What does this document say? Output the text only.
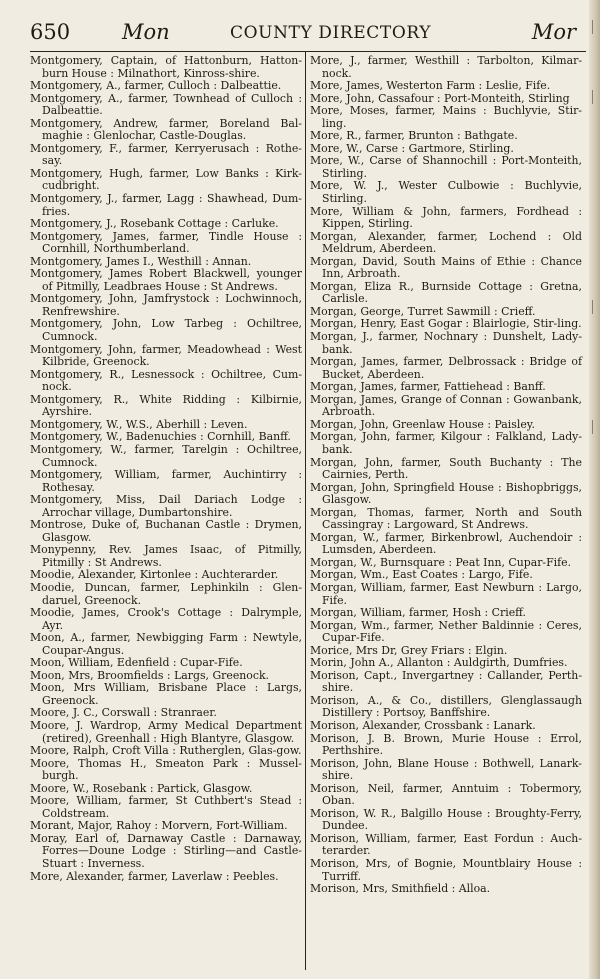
650 Mon	COUNTY DIRECTORY	Mor
Montgomery, Captain, of Hattonburn, Hatton-burn House : Milnathort, Kinross-shire.
Montgomery, A., farmer, Culloch : Dalbeattie.
Montgomery, A., farmer, Townhead of Culloch : Dalbeattie.
Montgomery, Andrew, farmer, Boreland Bal-maghie : Glenlochar, Castle-Douglas.
Montgomery, F., farmer, Kerryerusach : Rothe-say.
Montgomery, Hugh, farmer, Low Banks : Kirk-cudbright.
Montgomery, J., farmer, Lagg : Shawhead, Dum-fries.
Montgomery, J., Rosebank Cottage : Carluke.
Montgomery, James, farmer, Tindle House : Cornhill, Northumberland.
Montgomery, James I., Westhill : Annan.
Montgomery, James Robert Blackwell, younger of Pitmilly, Leadbraes House : St Andrews.
Montgomery, John, Jamfrystock : Lochwinnoch, Renfrewshire.
Montgomery, John, Low Tarbeg : Ochiltree, Cumnock.
Montgomery, John, farmer, Meadowhead : West Kilbride, Greenock.
Montgomery, R., Lesnessock : Ochiltree, Cum-nock.
Montgomery, R., White Ridding : Kilbirnie, Ayrshire.
Montgomery, W., W.S., Aberhill : Leven.
Montgomery, W., Badenuchies : Cornhill, Banff.
Montgomery, W., farmer, Tarelgin : Ochiltree, Cumnock.
Montgomery, William, farmer, Auchintirry : Rothesay.
Montgomery, Miss, Dail Dariach Lodge : Arrochar village, Dumbartonshire.
Montrose, Duke of, Buchanan Castle : Drymen, Glasgow.
Monypenny, Rev. James Isaac, of Pitmilly, Pitmilly : St Andrews.
Moodie, Alexander, Kirtonlee : Auchterarder.
Moodie, Duncan, farmer, Lephinkiln : Glen-daruel, Greenock.
Moodie, James, Crook's Cottage : Dalrymple, Ayr.
Moon, A., farmer, Newbigging Farm : Newtyle, Coupar-Angus.
Moon, William, Edenfield : Cupar-Fife.
Moon, Mrs, Broomfields : Largs, Greenock.
Moon, Mrs William, Brisbane Place : Largs, Greenock.
Moore, J. C., Corswall : Stranraer.
Moore, J. Wardrop, Army Medical Department (retired), Greenhall : High Blantyre, Glasgow.
Moore, Ralph, Croft Villa : Rutherglen, Glas-gow.
Moore, Thomas H., Smeaton Park : Mussel-burgh.
Moore, W., Rosebank : Partick, Glasgow.
Moore, William, farmer, St Cuthbert's Stead : Coldstream.
Morant, Major, Rahoy : Morvern, Fort-William.
Moray, Earl of, Darnaway Castle : Darnaway, Forres—Doune Lodge : Stirling—and Castle-Stuart : Inverness.
More, Alexander, farmer, Laverlaw : Peebles.
More, J., farmer, Westhill : Tarbolton, Kilmar-nock.
More, James, Westerton Farm : Leslie, Fife.
More, John, Cassafour : Port-Monteith, Stirling
More, Moses, farmer, Mains : Buchlyvie, Stir-ling.
More, R., farmer, Brunton : Bathgate.
More, W., Carse : Gartmore, Stirling.
More, W., Carse of Shannochill : Port-Monteith, Stirling.
More, W. J., Wester Culbowie : Buchlyvie, Stirling.
More, William & John, farmers, Fordhead : Kippen, Stirling.
Morgan, Alexander, farmer, Lochend : Old Meldrum, Aberdeen.
Morgan, David, South Mains of Ethie : Chance Inn, Arbroath.
Morgan, Eliza R., Burnside Cottage : Gretna, Carlisle.
Morgan, George, Turret Sawmill : Crieff.
Morgan, Henry, East Gogar : Blairlogie, Stir-ling.
Morgan, J., farmer, Nochnary : Dunshelt, Lady-bank.
Morgan, James, farmer, Delbrossack : Bridge of Bucket, Aberdeen.
Morgan, James, farmer, Fattiehead : Banff.
Morgan, James, Grange of Connan : Gowanbank, Arbroath.
Morgan, John, Greenlaw House : Paisley.
Morgan, John, farmer, Kilgour : Falkland, Lady-bank.
Morgan, John, farmer, South Buchanty : The Cairnies, Perth.
Morgan, John, Springfield House : Bishopbriggs, Glasgow.
Morgan, Thomas, farmer, North and South Cassingray : Largoward, St Andrews.
Morgan, W., farmer, Birkenbrowl, Auchendoir : Lumsden, Aberdeen.
Morgan, W., Burnsquare : Peat Inn, Cupar-Fife.
Morgan, Wm., East Coates : Largo, Fife.
Morgan, William, farmer, East Newburn : Largo, Fife.
Morgan, William, farmer, Hosh : Crieff.
Morgan, Wm., farmer, Nether Baldinnie : Ceres, Cupar-Fife.
Morice, Mrs Dr, Grey Friars : Elgin.
Morin, John A., Allanton : Auldgirth, Dumfries.
Morison, Capt., Invergartney : Callander, Perth-shire.
Morison, A., & Co., distillers, Glenglassaugh Distillery : Portsoy, Banffshire.
Morison, Alexander, Crossbank : Lanark.
Morison, J. B. Brown, Murie House : Errol, Perthshire.
Morison, John, Blane House : Bothwell, Lanark-shire.
Morison, Neil, farmer, Anntuim : Tobermory, Oban.
Morison, W. R., Balgillo House : Broughty-Ferry, Dundee.
Morison, William, farmer, East Fordun : Auch-terarder.
Morison, Mrs, of Bognie, Mountblairy House : Turriff.
Morison, Mrs, Smithfield : Alloa.
